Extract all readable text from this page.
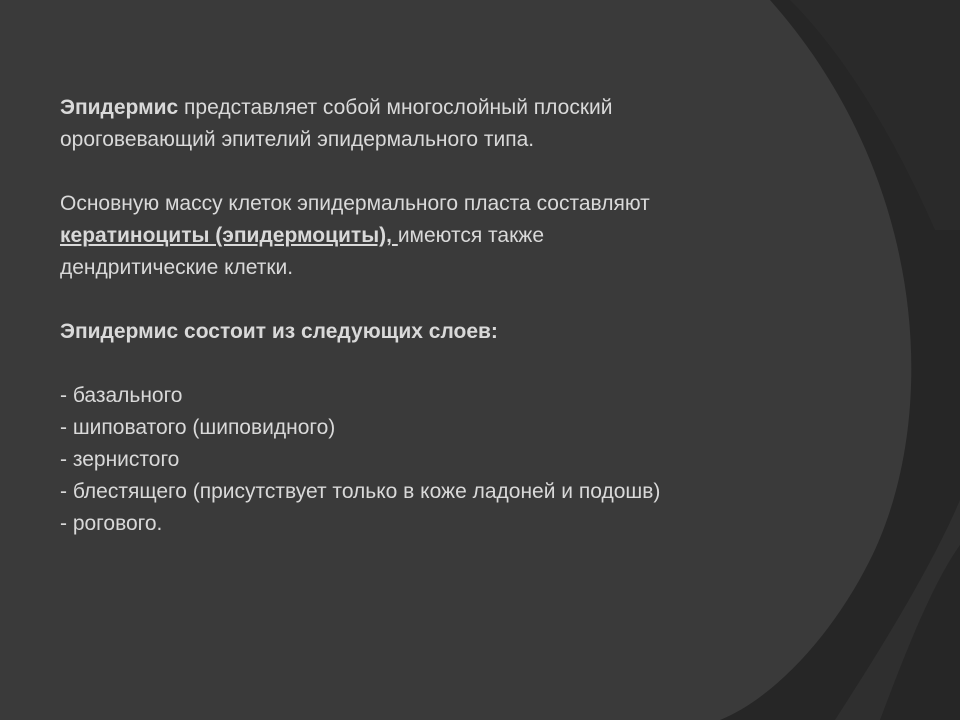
Эпидермис представляет собой многослойный плоский
ороговевающий эпителий эпидермального типа.
Основную массу клеток эпидермального пласта составляют
кератиноциты (эпидермоциты), имеются также
дендритические клетки.
Эпидермис состоит из следующих слоев:
- базального
- шиповатого (шиповидного)
- зернистого
- блестящего (присутствует только в коже ладоней и подошв)
- рогового.
